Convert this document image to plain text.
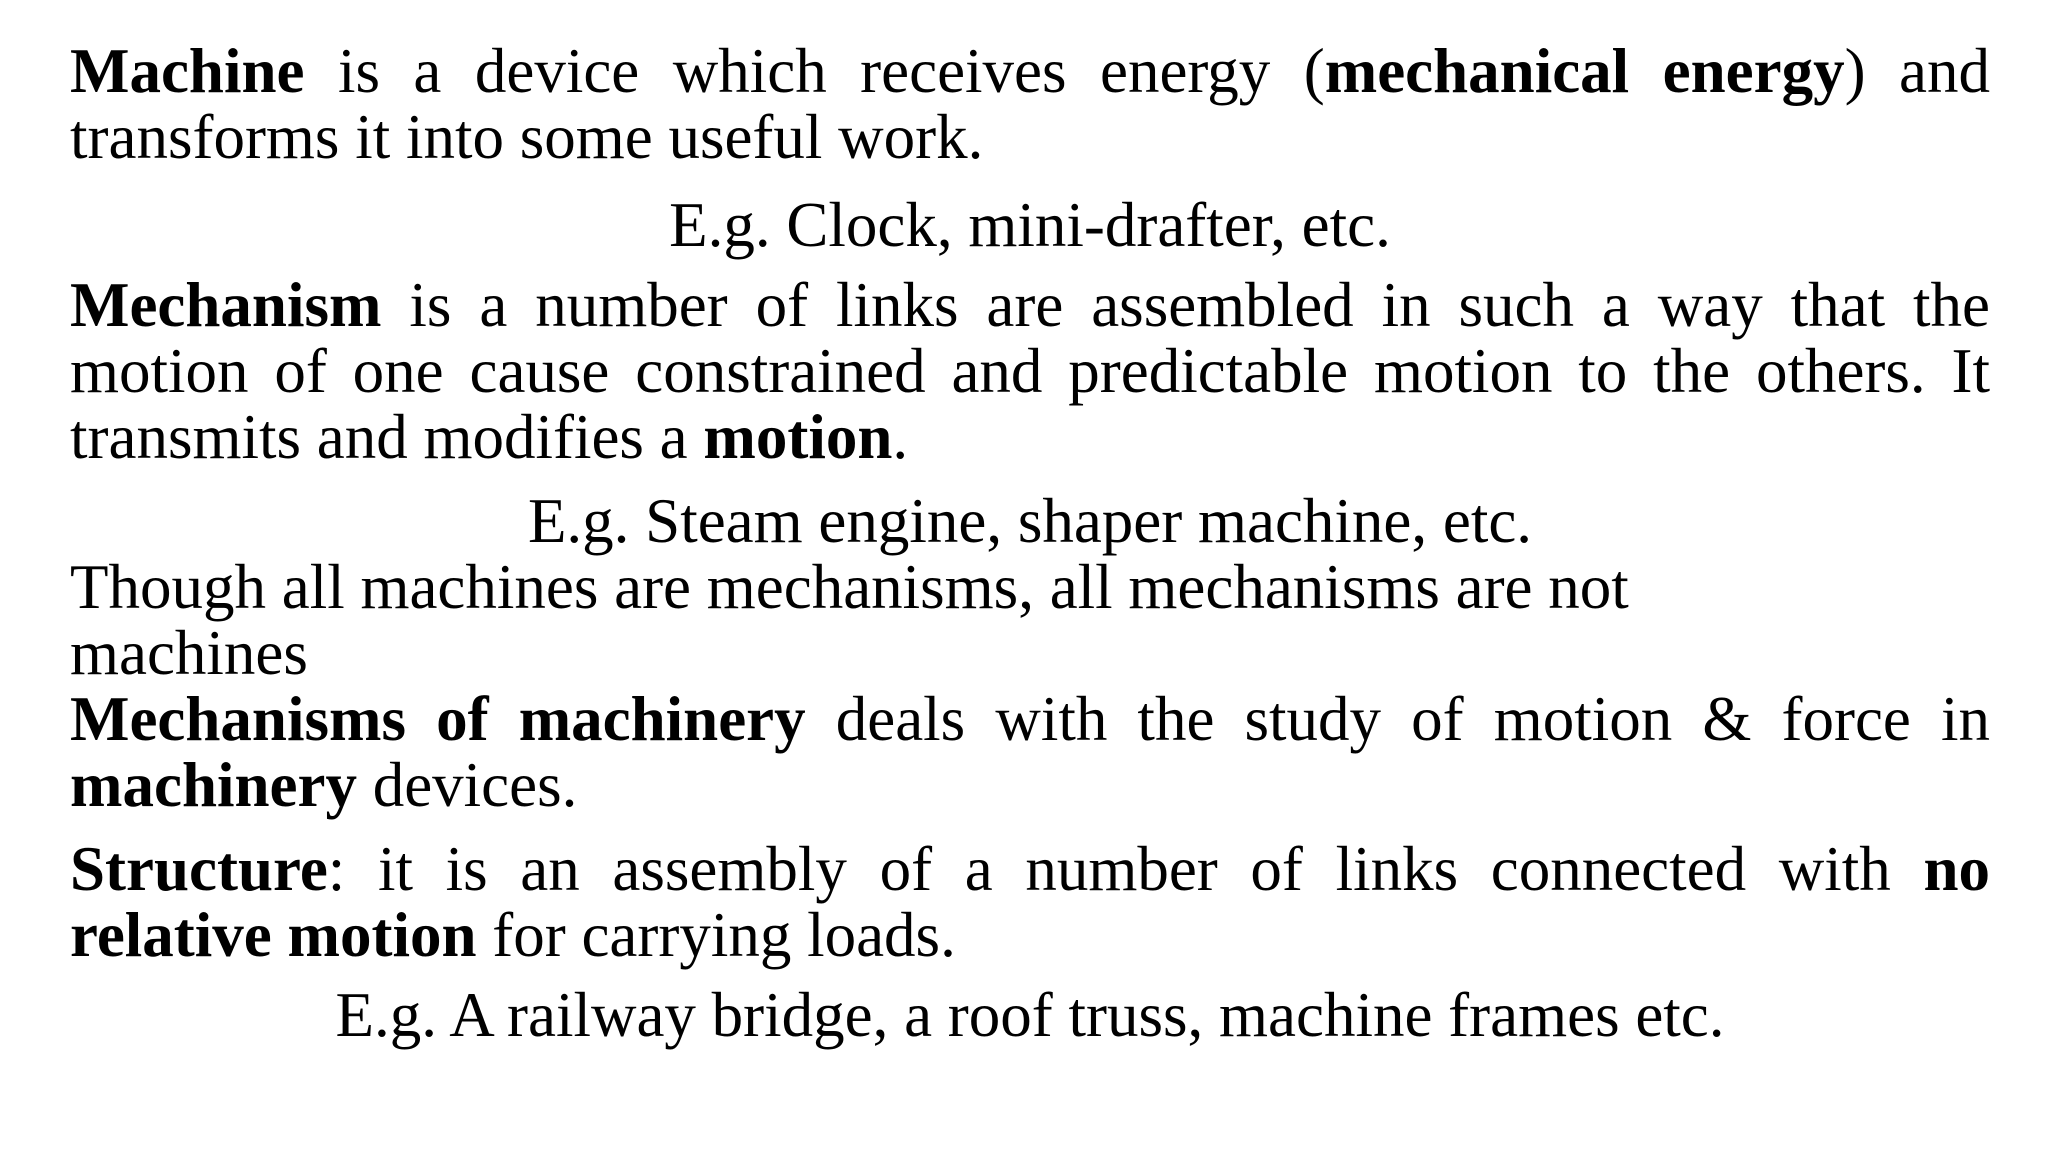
Machine is a device which receives energy (mechanical energy) and transforms it into some useful work.

E.g. Clock, mini-drafter, etc.

Mechanism is a number of links are assembled in such a way that the motion of one cause constrained and predictable motion to the others. It transmits and modifies a motion.

E.g. Steam engine, shaper machine, etc.

Though all machines are mechanisms, all mechanisms are not machines

Mechanisms of machinery deals with the study of motion & force in machinery devices.

Structure: it is an assembly of a number of links connected with no relative motion for carrying loads.

E.g. A railway bridge, a roof truss, machine frames etc.
